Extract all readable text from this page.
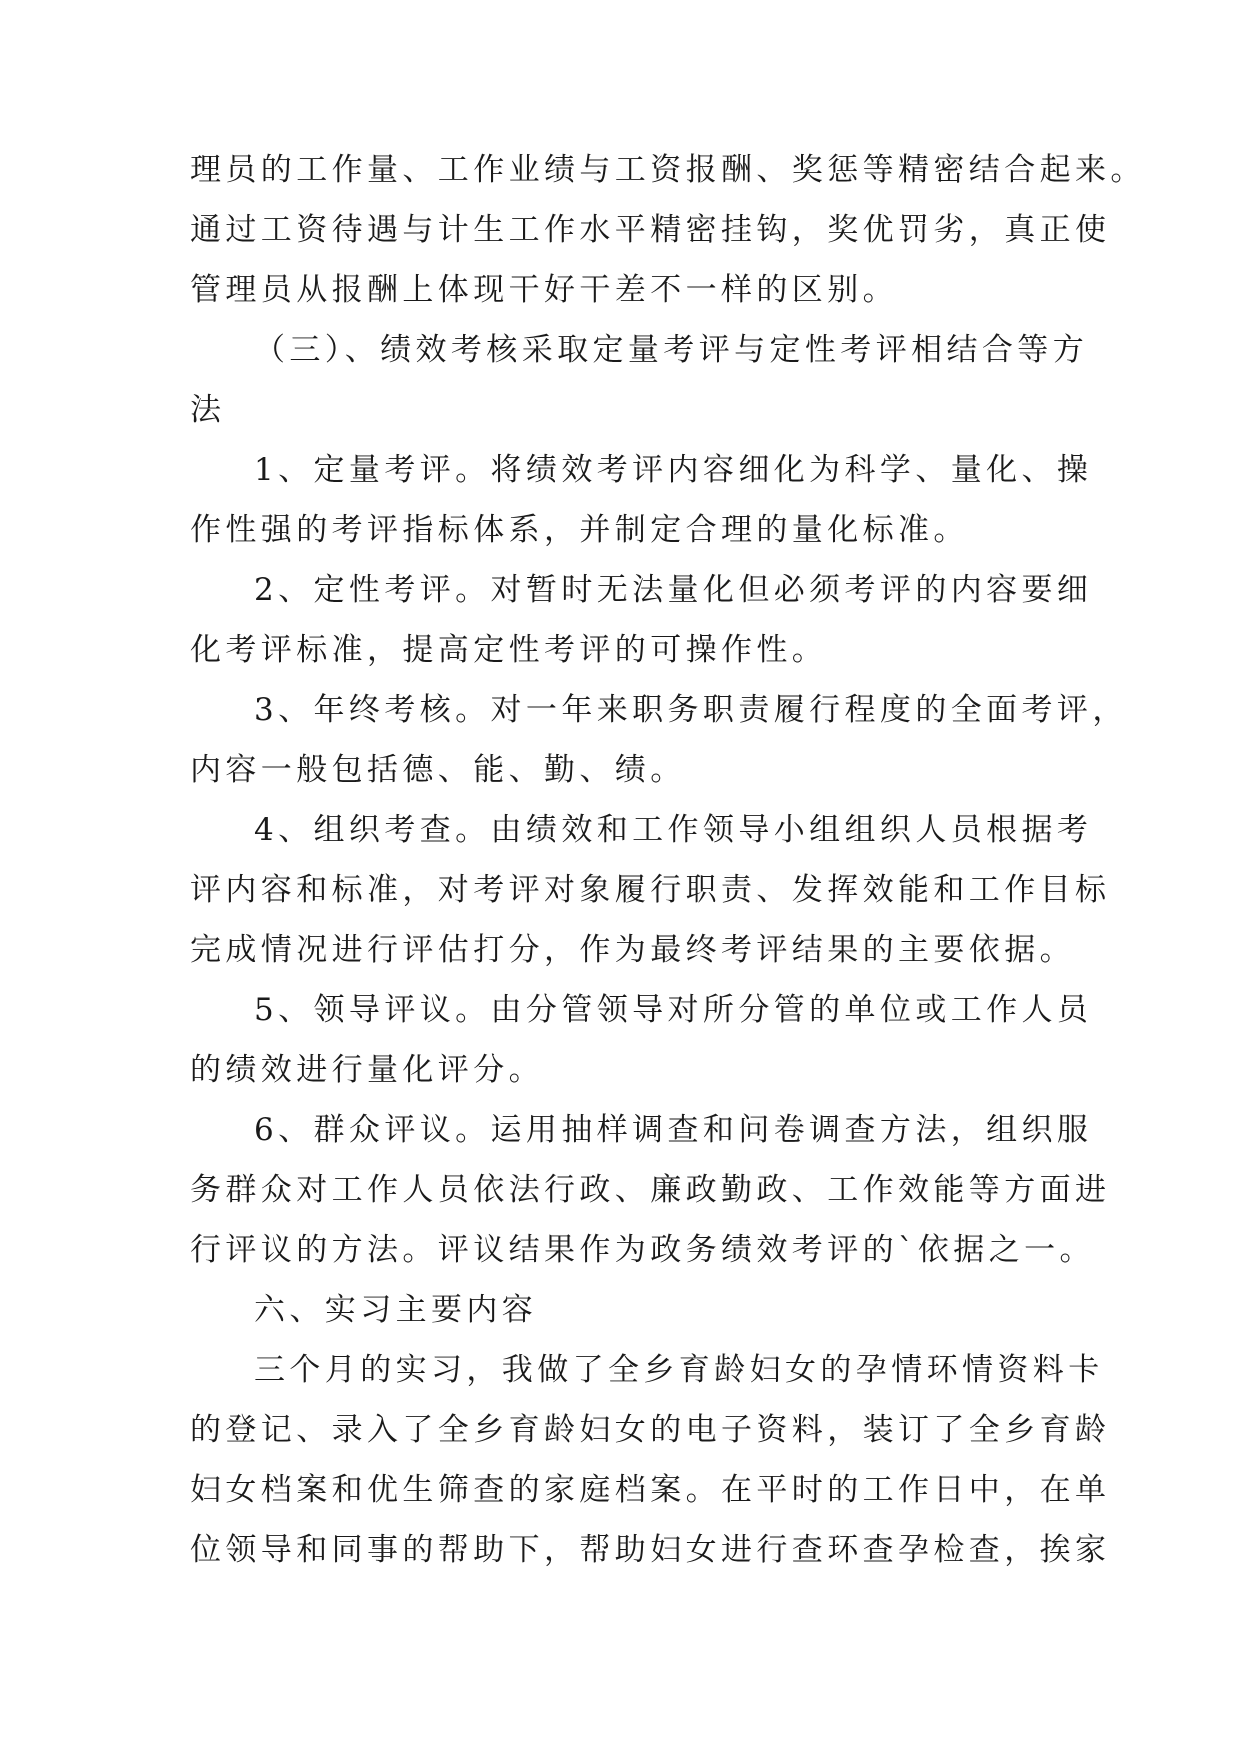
理员的工作量、工作业绩与工资报酬、奖惩等精密结合起来。
通过工资待遇与计生工作水平精密挂钩，奖优罚劣，真正使
管理员从报酬上体现干好干差不一样的区别。
（三）、绩效考核采取定量考评与定性考评相结合等方
法
1、定量考评。将绩效考评内容细化为科学、量化、操
作性强的考评指标体系，并制定合理的量化标准。
2、定性考评。对暂时无法量化但必须考评的内容要细
化考评标准，提高定性考评的可操作性。
3、年终考核。对一年来职务职责履行程度的全面考评，
内容一般包括德、能、勤、绩。
4、组织考查。由绩效和工作领导小组组织人员根据考
评内容和标准，对考评对象履行职责、发挥效能和工作目标
完成情况进行评估打分，作为最终考评结果的主要依据。
5、领导评议。由分管领导对所分管的单位或工作人员
的绩效进行量化评分。
6、群众评议。运用抽样调查和问卷调查方法，组织服
务群众对工作人员依法行政、廉政勤政、工作效能等方面进
行评议的方法。评议结果作为政务绩效考评的`依据之一。
六、实习主要内容
三个月的实习，我做了全乡育龄妇女的孕情环情资料卡
的登记、录入了全乡育龄妇女的电子资料，装订了全乡育龄
妇女档案和优生筛查的家庭档案。在平时的工作日中，在单
位领导和同事的帮助下，帮助妇女进行查环查孕检查，挨家
